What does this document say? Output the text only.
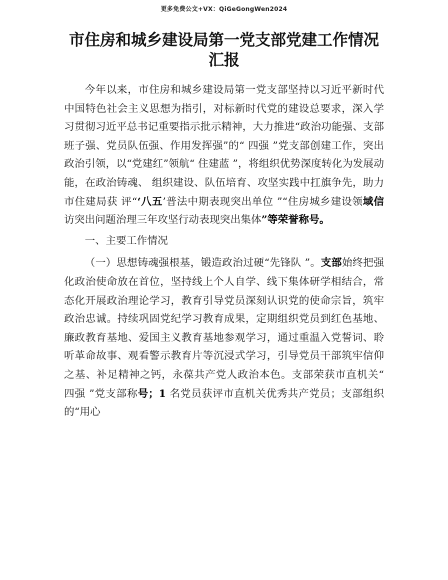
更多免费公文+VX：QiGeGongWen2024
市住房和城乡建设局第一党支部党建工作情况
汇报

今年以来，市住房和城乡建设局第一党支部坚持以习近平新时代中国特色社会主义思想为指引，对标新时代党的建设总要求，深入学习贯彻习近平总书记重要指示批示精神，大力推进“政治功能强、支部班子强、党员队伍强、作用发挥强”的“ 四强 ”党支部创建工作，突出政治引领，以“党建红”领航“ 住建蓝 ”，将组织优势深度转化为发展动能，在政治铸魂、 组织建设、队伍培育、攻坚实践中扛旗争先，助力市住建局获 评“‘八五’普法中期表现突出单位 ”“住房城乡建设领域信 访突出问题治理三年攻坚行动表现突出集体”等荣誉称号。

一、主要工作情况

（一）思想铸魂强根基，锻造政治过硬“先锋队 ”。支部始终把强化政治使命放在首位，坚持线上个人自学、线下集体研学相结合，常态化开展政治理论学习，教育引导党员深刻认识党的使命宗旨，筑牢政治忠诚。持续巩固党纪学习教育成果，定期组织党员到红色基地、廉政教育基地、爱国主义教育基地参观学习，通过重温入党誓词、聆听革命故事、观看警示教育片等沉浸式学习，引导党员干部筑牢信仰之基、补足精神之钙，永葆共产党人政治本色。支部荣获市直机关“ 四强 ”党支部称号；1 名党员获评市直机关优秀共产党员；支部组织的“用心
